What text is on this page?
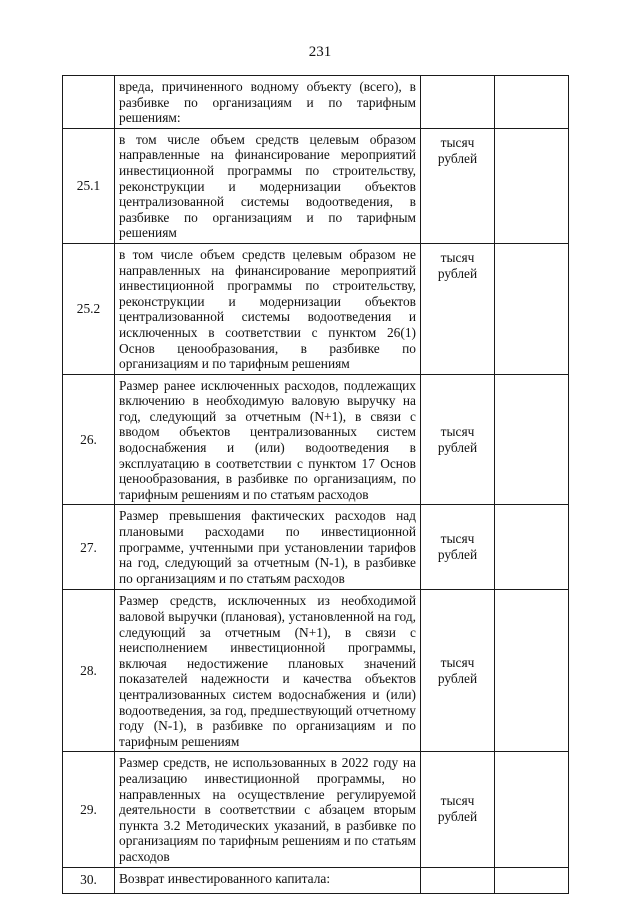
231
	вреда, причиненного водному объекту (всего), в разбивке по организациям и по тарифным решениям:	

25.1	в том числе объем средств целевым образом направленные на финансирование мероприятий инвестиционной программы по строительству, реконструкции и модернизации объектов централизованной системы водоотведения, в разбивке по организациям и по тарифным решениям	тысяч
рублей	

25.2	в том числе объем средств целевым образом не направленных на финансирование мероприятий инвестиционной программы по строительству, реконструкции и модернизации объектов централизованной системы водоотведения и исключенных в соответствии с пунктом 26(1) Основ ценообразования, в разбивке по организациям и по тарифным решениям	тысяч
рублей	

26.	Размер ранее исключенных расходов, подлежащих включению в необходимую валовую выручку на год, следующий за отчетным (N+1), в связи с вводом объектов централизованных систем водоснабжения и (или) водоотведения в эксплуатацию в соответствии с пунктом 17 Основ ценообразования, в разбивке по организациям, по тарифным решениям и по статьям расходов	тысяч
рублей	

27.	Размер превышения фактических расходов над плановыми расходами по инвестиционной программе, учтенными при установлении тарифов на год, следующий за отчетным (N-1), в разбивке по организациям и по статьям расходов	тысяч
рублей	

28.	Размер средств, исключенных из необходимой валовой выручки (плановая), установленной на год, следующий за отчетным (N+1), в связи с неисполнением инвестиционной программы, включая недостижение плановых значений показателей надежности и качества объектов централизованных систем водоснабжения и (или) водоотведения, за год, предшествующий отчетному году (N-1), в разбивке по организациям и по тарифным решениям	тысяч
рублей	

29.	Размер средств, не использованных в 2022 году на реализацию инвестиционной программы, но направленных на осуществление регулируемой деятельности в соответствии с абзацем вторым пункта 3.2 Методических указаний, в разбивке по организациям по тарифным решениям и по статьям расходов	тысяч
рублей	

30.	Возврат инвестированного капитала:	
